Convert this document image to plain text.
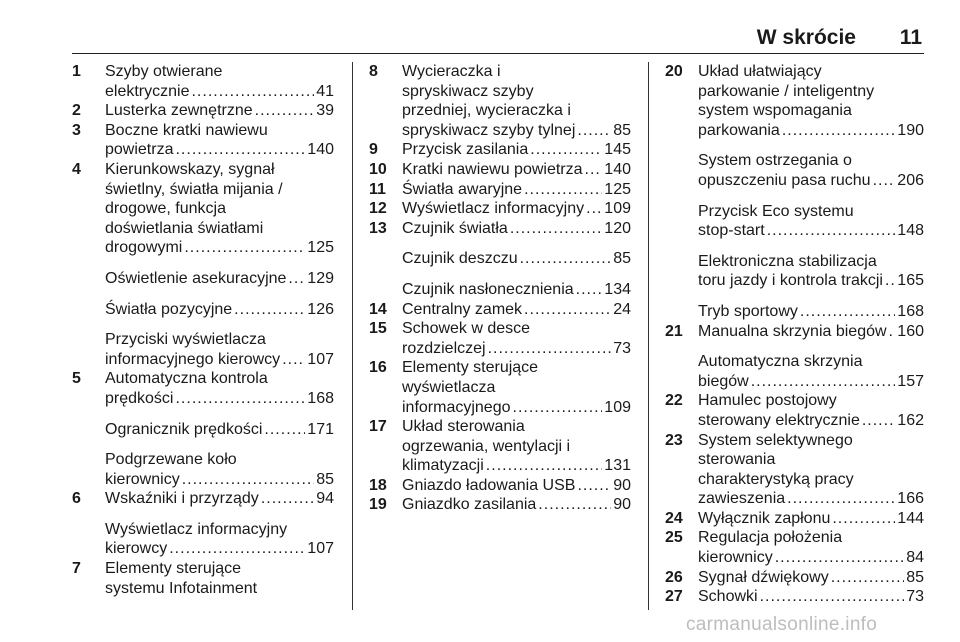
W skrócie 11
1	Szyby otwierane
elektrycznie .....	41
2	Lusterka zewnętrzne .....	39
3	Boczne kratki nawiewu
powietrza .....	140
4	Kierunkowskazy, sygnał
świetlny, światła mijania /
drogowe, funkcja
doświetlania światłami
drogowymi .....	125
Oświetlenie asekuracyjne ..... 129
Światła pozycyjne .....	126
Przyciski wyświetlacza
informacyjnego kierowcy ..... 107
5	Automatyczna kontrola
prędkości .....	168
Ogranicznik prędkości .....	171
Podgrzewane koło
kierownicy .....	85
6	Wskaźniki i przyrządy .....	94
Wyświetlacz informacyjny
kierowcy .....	107
7	Elementy sterujące
systemu Infotainment
8	Wycieraczka i
spryskiwacz szyby
przedniej, wycieraczka i
spryskiwacz szyby tylnej ..... 85
9	Przycisk zasilania .....	145
10 Kratki nawiewu powietrza ..... 140
11	Światła awaryjne .....	125
12 Wyświetlacz informacyjny ..... 109
13 Czujnik światła .....	120
Czujnik deszczu .....	85
Czujnik nasłonecznienia ..... 134
14 Centralny zamek .....	24
15 Schowek w desce
rozdzielczej .....	73
16 Elementy sterujące
wyświetlacza
informacyjnego .....	109
17 Układ sterowania
ogrzewania, wentylacji i
klimatyzacji .....	131
18 Gniazdo ładowania USB ..... 90
19 Gniazdko zasilania .....	90
20 Układ ułatwiający
parkowanie / inteligentny
system wspomagania
parkowania .....	190
System ostrzegania o
opuszczeniu pasa ruchu ..... 206
Przycisk Eco systemu
stop-start .....	148
Elektroniczna stabilizacja
toru jazdy i kontrola trakcji ..... 165
Tryb sportowy .....	168
21 Manualna skrzynia biegów ..... 160
Automatyczna skrzynia
biegów .....	157
22 Hamulec postojowy
sterowany elektrycznie ..... 162
23 System selektywnego
sterowania
charakterystyką pracy
zawieszenia .....	166
24 Wyłącznik zapłonu .....	144
25 Regulacja położenia
kierownicy .....	84
26 Sygnał dźwiękowy .....	85
27 Schowki .....	73
carmanualsonline.info
